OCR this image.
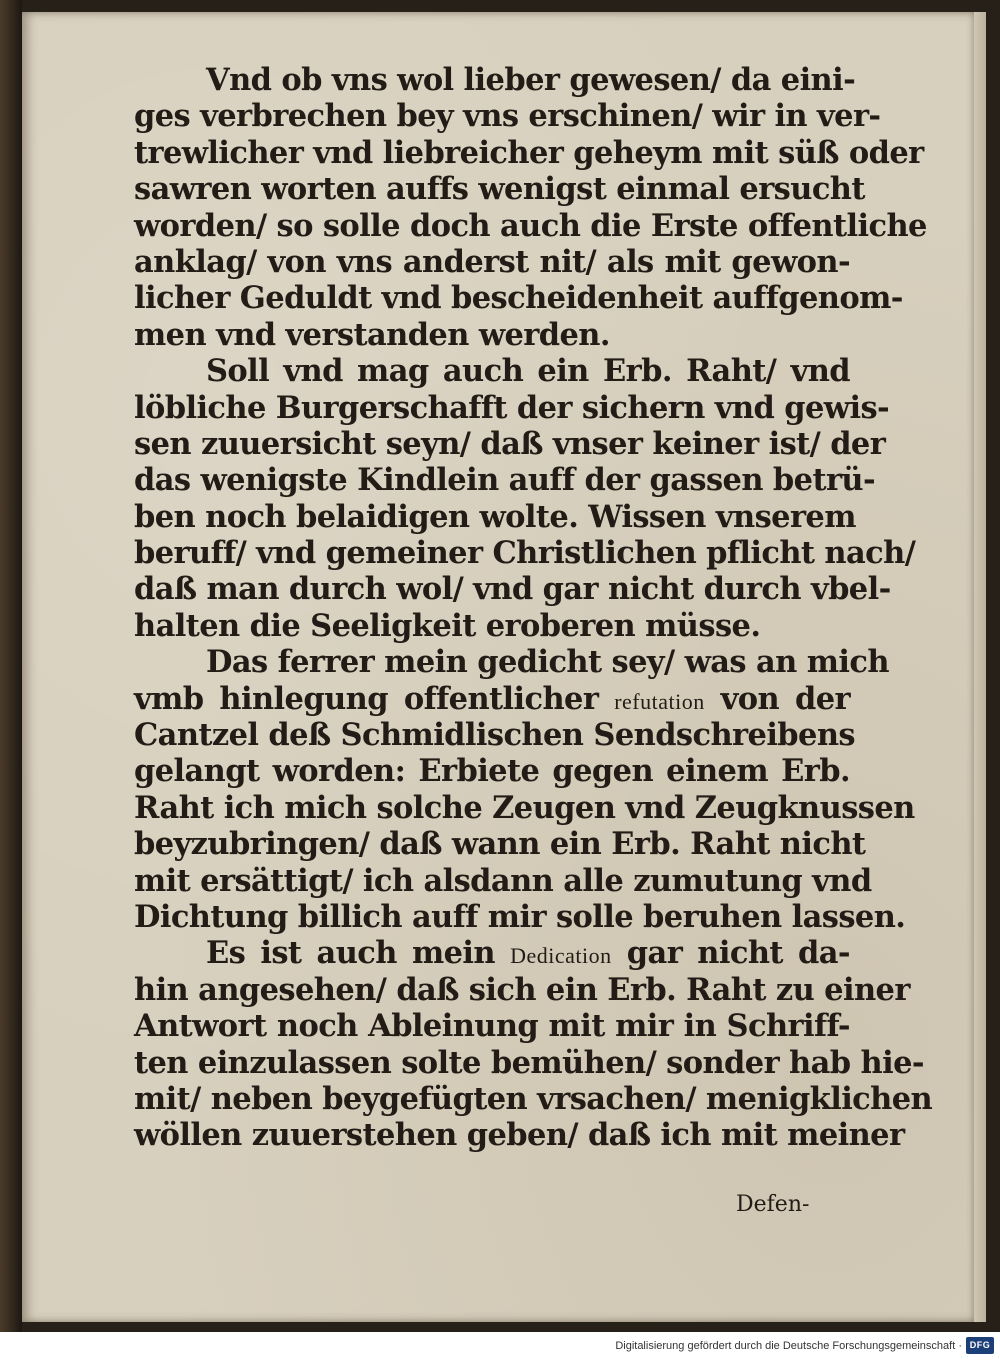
Vnd ob vns wol lieber gewesen/ da eini-
ges verbrechen bey vns erschinen/ wir in ver-
trewlicher vnd liebreicher geheym mit süß oder
sawren worten auffs wenigst einmal ersucht
worden/ so solle doch auch die Erste offentliche
anklag/ von vns anderst nit/ als mit gewon-
licher Geduldt vnd bescheidenheit auffgenom-
men vnd verstanden werden.
Soll vnd mag auch ein Erb. Raht/ vnd
löbliche Burgerschafft der sichern vnd gewis-
sen zuuersicht seyn/ daß vnser keiner ist/ der
das wenigste Kindlein auff der gassen betrü-
ben noch belaidigen wolte. Wissen vnserem
beruff/ vnd gemeiner Christlichen pflicht nach/
daß man durch wol/ vnd gar nicht durch vbel-
halten die Seeligkeit eroberen müsse.
Das ferrer mein gedicht sey/ was an mich
vmb hinlegung offentlicher refutation von der
Cantzel deß Schmidlischen Sendschreibens
gelangt worden: Erbiete gegen einem Erb.
Raht ich mich solche Zeugen vnd Zeugknussen
beyzubringen/ daß wann ein Erb. Raht nicht
mit ersättigt/ ich alsdann alle zumutung vnd
Dichtung billich auff mir solle beruhen lassen.
Es ist auch mein Dedication gar nicht da-
hin angesehen/ daß sich ein Erb. Raht zu einer
Antwort noch Ableinung mit mir in Schriff-
ten einzulassen solte bemühen/ sonder hab hie-
mit/ neben beygefügten vrsachen/ menigklichen
wöllen zuuerstehen geben/ daß ich mit meiner
Defen-
Digitalisierung gefördert durch die Deutsche Forschungsgemeinschaft · DFG
